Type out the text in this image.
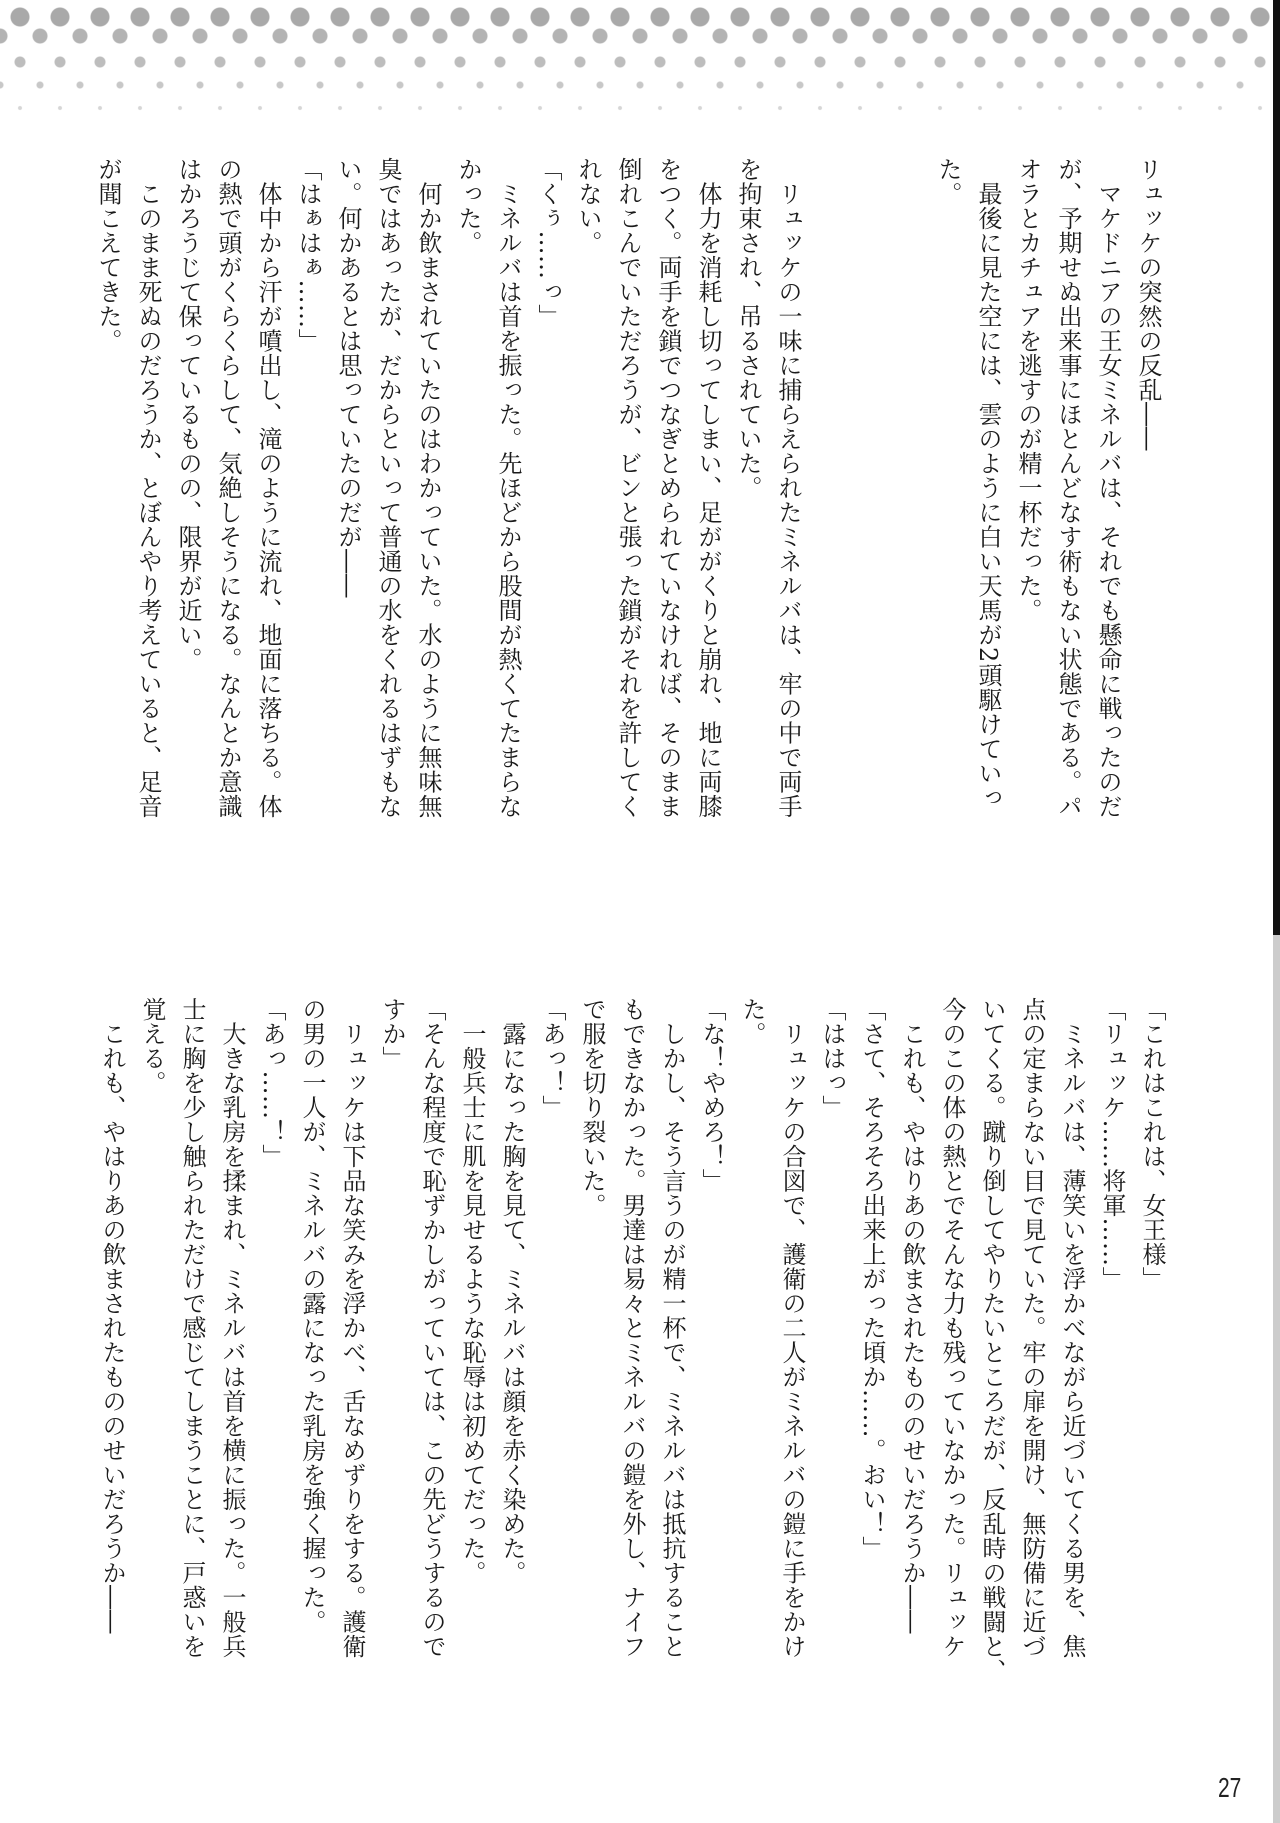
リュッケの突然の反乱――
　マケドニアの王女ミネルバは、それでも懸命に戦ったのだ
が、予期せぬ出来事にほとんどなす術もない状態である。パ
オラとカチュアを逃すのが精一杯だった。
　最後に見た空には、雲のように白い天馬が2頭駆けていっ
た。
　リュッケの一味に捕らえられたミネルバは、牢の中で両手
を拘束され、吊るされていた。
　体力を消耗し切ってしまい、足ががくりと崩れ、地に両膝
をつく。両手を鎖でつなぎとめられていなければ、そのまま
倒れこんでいただろうが、ビンと張った鎖がそれを許してく
れない。
「くぅ……っ」
　ミネルバは首を振った。先ほどから股間が熱くてたまらな
かった。
　何か飲まされていたのはわかっていた。水のように無味無
臭ではあったが、だからといって普通の水をくれるはずもな
い。何かあるとは思っていたのだが――
「はぁはぁ……」
　体中から汗が噴出し、滝のように流れ、地面に落ちる。体
の熱で頭がくらくらして、気絶しそうになる。なんとか意識
はかろうじて保っているものの、限界が近い。
　このまま死ぬのだろうか、とぼんやり考えていると、足音
が聞こえてきた。
「これはこれは、女王様」
「リュッケ……将軍……」
　ミネルバは、薄笑いを浮かべながら近づいてくる男を、焦
点の定まらない目で見ていた。牢の扉を開け、無防備に近づ
いてくる。蹴り倒してやりたいところだが、反乱時の戦闘と、
今のこの体の熱とでそんな力も残っていなかった。リュッケ
　これも、やはりあの飲まされたもののせいだろうか――
「さて、そろそろ出来上がった頃か……。おい！」
「ははっ」
　リュッケの合図で、護衛の二人がミネルバの鎧に手をかけ
た。
「な！やめろ！」
　しかし、そう言うのが精一杯で、ミネルバは抵抗すること
もできなかった。男達は易々とミネルバの鎧を外し、ナイフ
で服を切り裂いた。
「あっ！」
　露になった胸を見て、ミネルバは顔を赤く染めた。
　一般兵士に肌を見せるような恥辱は初めてだった。
「そんな程度で恥ずかしがっていては、この先どうするので
すか」
　リュッケは下品な笑みを浮かべ、舌なめずりをする。護衛
の男の一人が、ミネルバの露になった乳房を強く握った。
「あっ……！」
　大きな乳房を揉まれ、ミネルバは首を横に振った。一般兵
士に胸を少し触られただけで感じてしまうことに、戸惑いを
覚える。
　これも、やはりあの飲まされたもののせいだろうか――
27
